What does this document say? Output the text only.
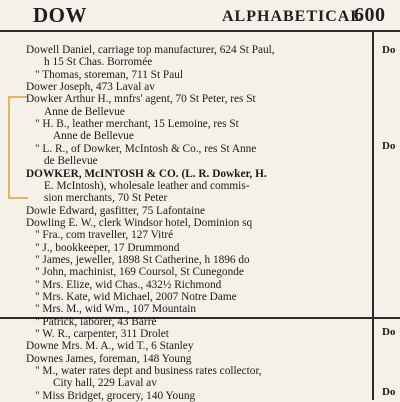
DOW	ALPHABETICAL
600
Dowell Daniel, carriage top manufacturer, 624 St Paul,
h 15 St Chas. Borromée
" Thomas, storeman, 711 St Paul
Dower Joseph, 473 Laval av
Dowker Arthur H., mnfrs' agent, 70 St Peter, res St
Anne de Bellevue
" H. B., leather merchant, 15 Lemoine, res St
Anne de Bellevue
" L. R., of Dowker, McIntosh & Co., res St Anne
de Bellevue
DOWKER, McINTOSH & CO. (L. R. Dowker, H.
E. McIntosh), wholesale leather and commis-
sion merchants, 70 St Peter
Dowle Edward, gasfitter, 75 Lafontaine
Dowling E. W., clerk Windsor hotel, Dominion sq
" Fra., com traveller, 127 Vitré
" J., bookkeeper, 17 Drummond
" James, jeweller, 1898 St Catherine, h 1896 do
" John, machinist, 169 Coursol, St Cunegonde
" Mrs. Elize, wid Chas., 432½ Richmond
" Mrs. Kate, wid Michael, 2007 Notre Dame
" Mrs. M., wid Wm., 107 Mountain
" Patrick, laborer, 43 Barré
" W. R., carpenter, 311 Drolet
Downe Mrs. M. A., wid T., 6 Stanley
Downes James, foreman, 148 Young
" M., water rates dept and business rates collector,
City hall, 229 Laval av
" Miss Bridget, grocery, 140 Young
Do
Do
Do
Do
